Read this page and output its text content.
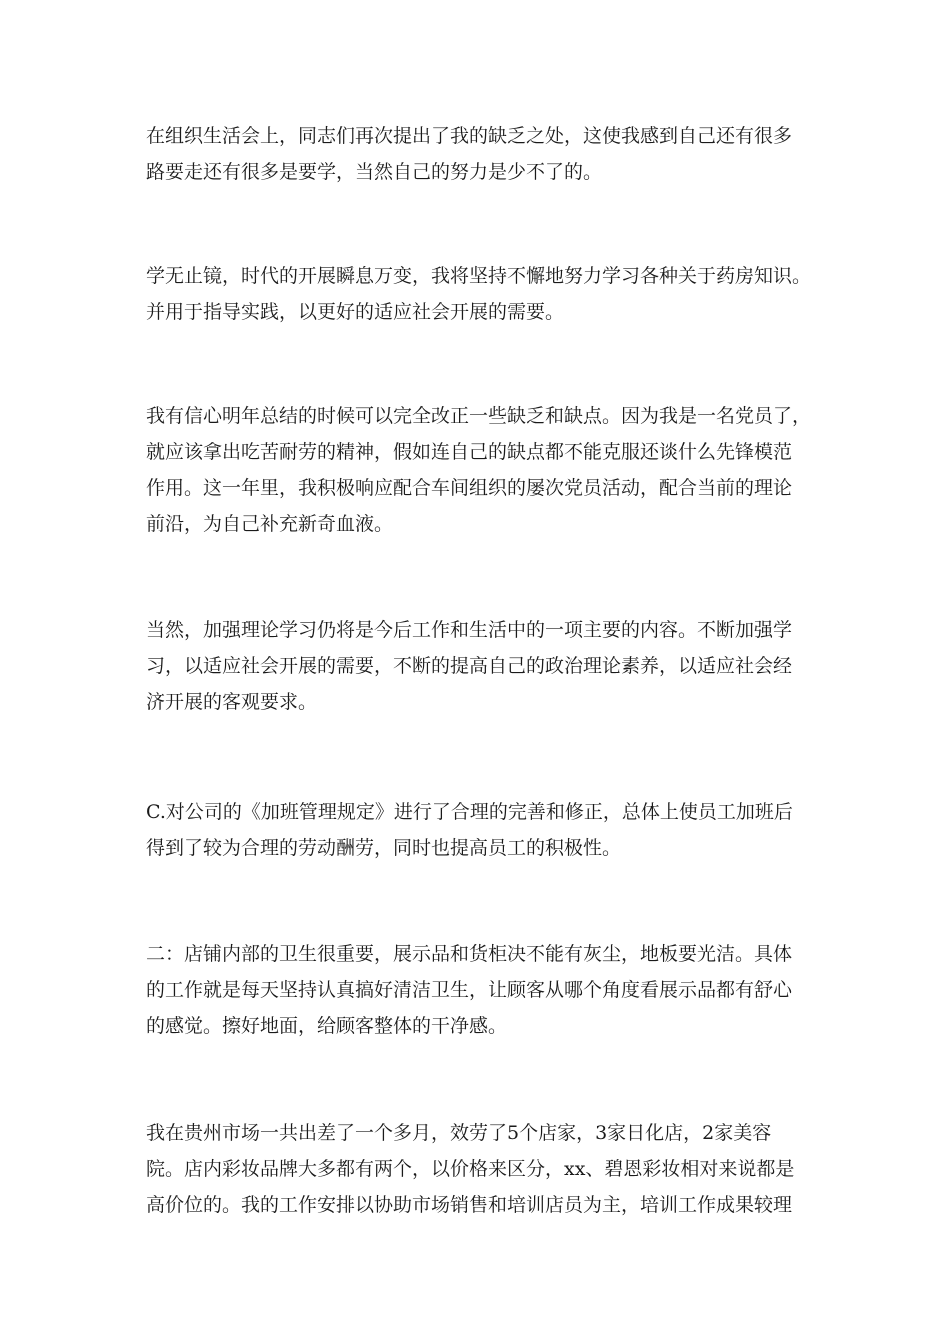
在组织生活会上，同志们再次提出了我的缺乏之处，这使我感到自己还有很多
路要走还有很多是要学，当然自己的努力是少不了的。

学无止镜，时代的开展瞬息万变，我将坚持不懈地努力学习各种关于药房知识。
并用于指导实践，以更好的适应社会开展的需要。

我有信心明年总结的时候可以完全改正一些缺乏和缺点。因为我是一名党员了，
就应该拿出吃苦耐劳的精神，假如连自己的缺点都不能克服还谈什么先锋模范
作用。这一年里，我积极响应配合车间组织的屡次党员活动，配合当前的理论
前沿，为自己补充新奇血液。

当然，加强理论学习仍将是今后工作和生活中的一项主要的内容。不断加强学
习，以适应社会开展的需要，不断的提高自己的政治理论素养，以适应社会经
济开展的客观要求。

C.对公司的《加班管理规定》进行了合理的完善和修正，总体上使员工加班后
得到了较为合理的劳动酬劳，同时也提高员工的积极性。

二：店铺内部的卫生很重要，展示品和货柜决不能有灰尘，地板要光洁。具体
的工作就是每天坚持认真搞好清洁卫生，让顾客从哪个角度看展示品都有舒心
的感觉。擦好地面，给顾客整体的干净感。

我在贵州市场一共出差了一个多月，效劳了5个店家，3家日化店，2家美容
院。店内彩妆品牌大多都有两个，以价格来区分，xx、碧恩彩妆相对来说都是
高价位的。我的工作安排以协助市场销售和培训店员为主，培训工作成果较理
